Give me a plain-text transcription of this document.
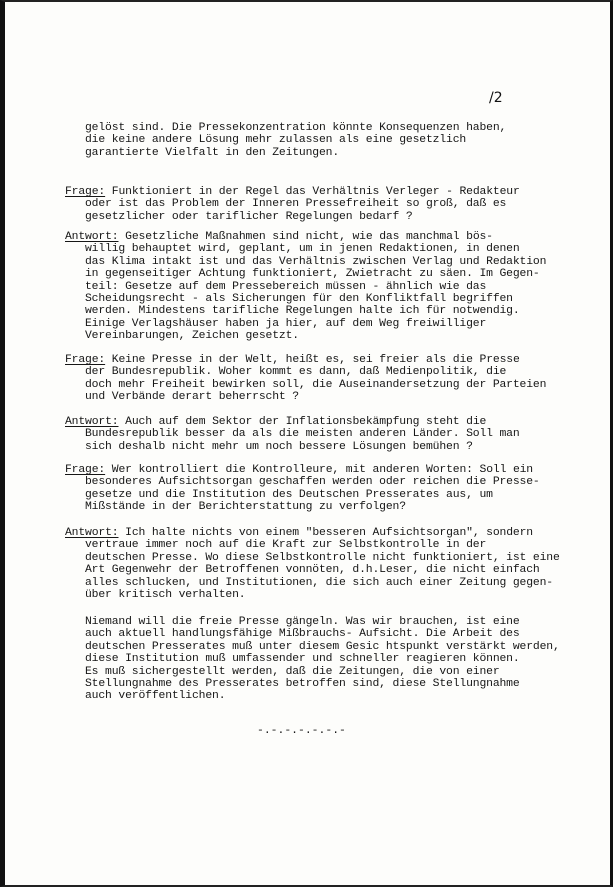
/2
gelöst sind. Die Pressekonzentration könnte Konsequenzen haben,
die keine andere Lösung mehr zulassen als eine gesetzlich
garantierte Vielfalt in den Zeitungen.
Frage: Funktioniert in der Regel das Verhältnis Verleger - Redakteur
oder ist das Problem der Inneren Pressefreiheit so groß, daß es
gesetzlicher oder tariflicher Regelungen bedarf ?
Antwort: Gesetzliche Maßnahmen sind nicht, wie das manchmal bös-
willig behauptet wird, geplant, um in jenen Redaktionen, in denen
das Klima intakt ist und das Verhältnis zwischen Verlag und Redaktion
in gegenseitiger Achtung funktioniert, Zwietracht zu säen. Im Gegen-
teil: Gesetze auf dem Pressebereich müssen - ähnlich wie das
Scheidungsrecht - als Sicherungen für den Konfliktfall begriffen
werden. Mindestens tarifliche Regelungen halte ich für notwendig.
Einige Verlagshäuser haben ja hier, auf dem Weg freiwilliger
Vereinbarungen, Zeichen gesetzt.
Frage: Keine Presse in der Welt, heißt es, sei freier als die Presse
der Bundesrepublik. Woher kommt es dann, daß Medienpolitik, die
doch mehr Freiheit bewirken soll, die Auseinandersetzung der Parteien
und Verbände derart beherrscht ?
Antwort: Auch auf dem Sektor der Inflationsbekämpfung steht die
Bundesrepublik besser da als die meisten anderen Länder. Soll man
sich deshalb nicht mehr um noch bessere Lösungen bemühen ?
Frage: Wer kontrolliert die Kontrolleure, mit anderen Worten: Soll ein
besonderes Aufsichtsorgan geschaffen werden oder reichen die Presse-
gesetze und die Institution des Deutschen Presserates aus, um
Mißstände in der Berichterstattung zu verfolgen?
Antwort: Ich halte nichts von einem "besseren Aufsichtsorgan", sondern
vertraue immer noch auf die Kraft zur Selbstkontrolle in der
deutschen Presse. Wo diese Selbstkontrolle nicht funktioniert, ist eine
Art Gegenwehr der Betroffenen vonnöten, d.h.Leser, die nicht einfach
alles schlucken, und Institutionen, die sich auch einer Zeitung gegen-
über kritisch verhalten.
Niemand will die freie Presse gängeln. Was wir brauchen, ist eine
auch aktuell handlungsfähige Mißbrauchs- Aufsicht. Die Arbeit des
deutschen Presserates muß unter diesem Gesic htspunkt verstärkt werden,
diese Institution muß umfassender und schneller reagieren können.
Es muß sichergestellt werden, daß die Zeitungen, die von einer
Stellungnahme des Presserates betroffen sind, diese Stellungnahme
auch veröffentlichen.
-.-.-.-.-.-.-
